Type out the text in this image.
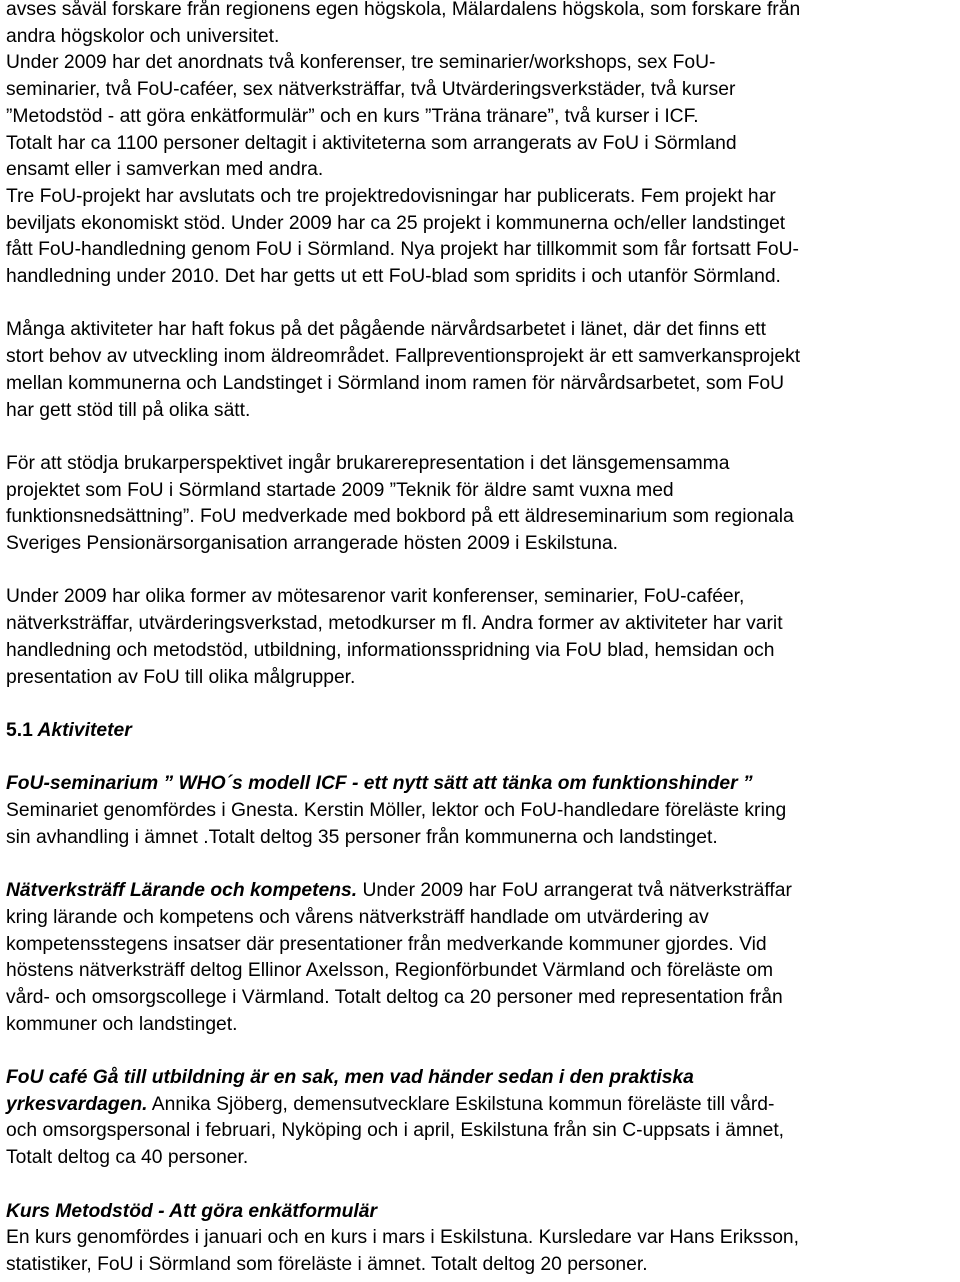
avses såväl forskare från regionens egen högskola, Mälardalens högskola, som forskare från
andra högskolor och universitet.
Under 2009 har det anordnats två konferenser, tre seminarier/workshops, sex FoU-
seminarier, två FoU-caféer, sex nätverksträffar, två Utvärderingsverkstäder, två kurser
”Metodstöd - att göra enkätformulär” och en kurs ”Träna tränare”, två kurser i ICF.
Totalt har ca 1100 personer deltagit i aktiviteterna som arrangerats av FoU i Sörmland
ensamt eller i samverkan med andra.
Tre FoU-projekt har avslutats och tre projektredovisningar har publicerats. Fem projekt har
beviljats ekonomiskt stöd. Under 2009 har ca 25 projekt i kommunerna och/eller landstinget
fått FoU-handledning genom FoU i Sörmland. Nya projekt har tillkommit som får fortsatt FoU-
handledning under 2010. Det har getts ut ett FoU-blad som spridits i och utanför Sörmland.
Många aktiviteter har haft fokus på det pågående närvårdsarbetet i länet, där det finns ett
stort behov av utveckling inom äldreområdet. Fallpreventionsprojekt är ett samverkansprojekt
mellan kommunerna och Landstinget i Sörmland inom ramen för närvårdsarbetet, som FoU
har gett stöd till på olika sätt.
För att stödja brukarperspektivet ingår brukarerepresentation i det länsgemensamma
projektet som FoU i Sörmland startade 2009 ”Teknik för äldre samt vuxna med
funktionsnedsättning”. FoU medverkade med bokbord på ett äldreseminarium som regionala
Sveriges Pensionärsorganisation arrangerade hösten 2009 i Eskilstuna.
Under 2009 har olika former av mötesarenor varit konferenser, seminarier, FoU-caféer,
nätverksträffar, utvärderingsverkstad, metodkurser m fl. Andra former av aktiviteter har varit
handledning och metodstöd, utbildning, informationsspridning via FoU blad, hemsidan och
presentation av FoU till olika målgrupper.
5.1 Aktiviteter
FoU-seminarium ” WHO´s modell ICF - ett nytt sätt att tänka om funktionshinder ”
Seminariet genomfördes i Gnesta. Kerstin Möller, lektor och FoU-handledare föreläste kring
sin avhandling i ämnet .Totalt deltog 35 personer från kommunerna och landstinget.
Nätverksträff Lärande och kompetens. Under 2009 har FoU arrangerat två nätverksträffar
kring lärande och kompetens och vårens nätverksträff handlade om utvärdering av
kompetensstegens insatser där presentationer från medverkande kommuner gjordes. Vid
höstens nätverksträff deltog Ellinor Axelsson, Regionförbundet Värmland och föreläste om
vård- och omsorgscollege i Värmland. Totalt deltog ca 20 personer med representation från
kommuner och landstinget.
FoU café Gå till utbildning är en sak, men vad händer sedan i den praktiska
yrkesvardagen. Annika Sjöberg, demensutvecklare Eskilstuna kommun föreläste till vård-
och omsorgspersonal i februari, Nyköping och i april, Eskilstuna från sin C-uppsats i ämnet,
Totalt deltog ca 40 personer.
Kurs Metodstöd - Att göra enkätformulär
En kurs genomfördes i januari och en kurs i mars i Eskilstuna. Kursledare var Hans Eriksson,
statistiker, FoU i Sörmland som föreläste i ämnet. Totalt deltog 20 personer.
